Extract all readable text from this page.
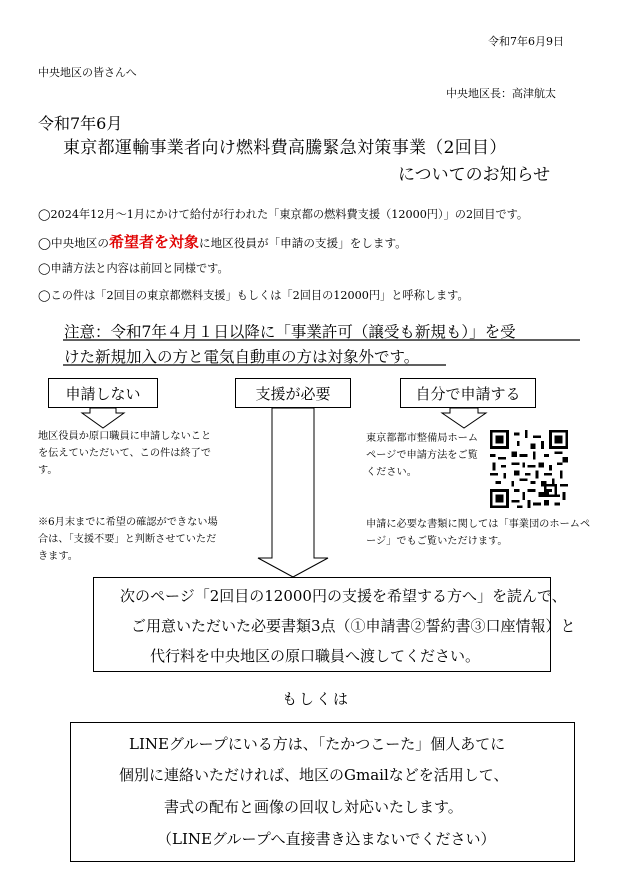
令和7年6月9日
中央地区の皆さんへ
中央地区長：高津航太
令和7年6月
東京都運輸事業者向け燃料費高騰緊急対策事業（2回目）
についてのお知らせ
◯2024年12月～1月にかけて給付が行われた「東京都の燃料費支援（12000円）」の2回目です。
◯中央地区の希望者を対象に地区役員が「申請の支援」をします。
◯申請方法と内容は前回と同様です。
◯この件は「2回目の東京都燃料支援」もしくは「2回目の12000円」と呼称します。
注意：令和7年４月１日以降に「事業許可（譲受も新規も）」を受
けた新規加入の方と電気自動車の方は対象外です。
申請しない	支援が必要	自分で申請する
地区役員か原口職員に申請しないことを伝えていただいて、この件は終了です。
※6月末までに希望の確認ができない場合は、「支援不要」と判断させていただきます。
東京都都市整備局ホームページで申請方法をご覧ください。
申請に必要な書類に関しては「事業団のホームページ」でもご覧いただけます。
次のページ「2回目の12000円の支援を希望する方へ」を読んで、
ご用意いただいた必要書類3点（①申請書②誓約書③口座情報）と
代行料を中央地区の原口職員へ渡してください。
もしくは
LINEグループにいる方は、「たかつこーた」個人あてに
個別に連絡いただければ、地区のGmailなどを活用して、
書式の配布と画像の回収し対応いたします。
（LINEグループへ直接書き込まないでください）
